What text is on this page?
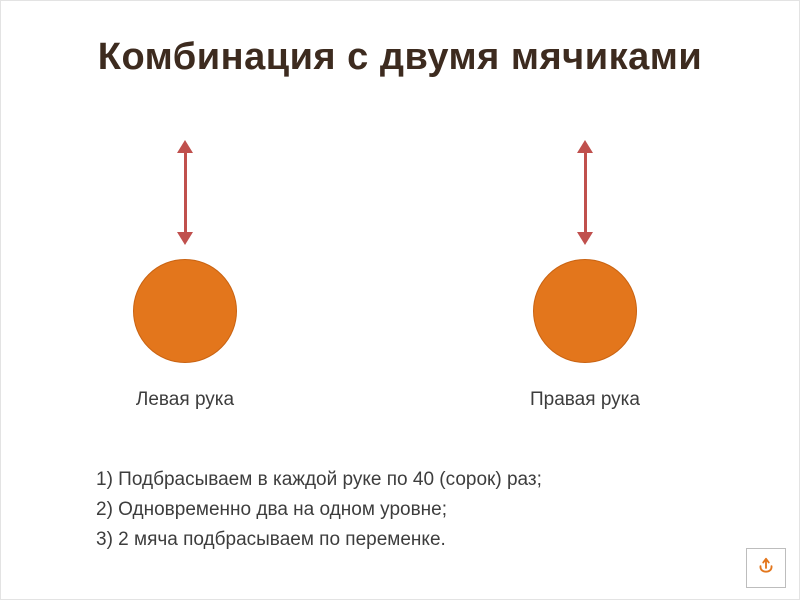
Комбинация с двумя мячиками
Левая рука	Правая рука
1) Подбрасываем в каждой руке по 40 (сорок) раз;
2) Одновременно два на одном уровне;
3) 2 мяча подбрасываем по переменке.
